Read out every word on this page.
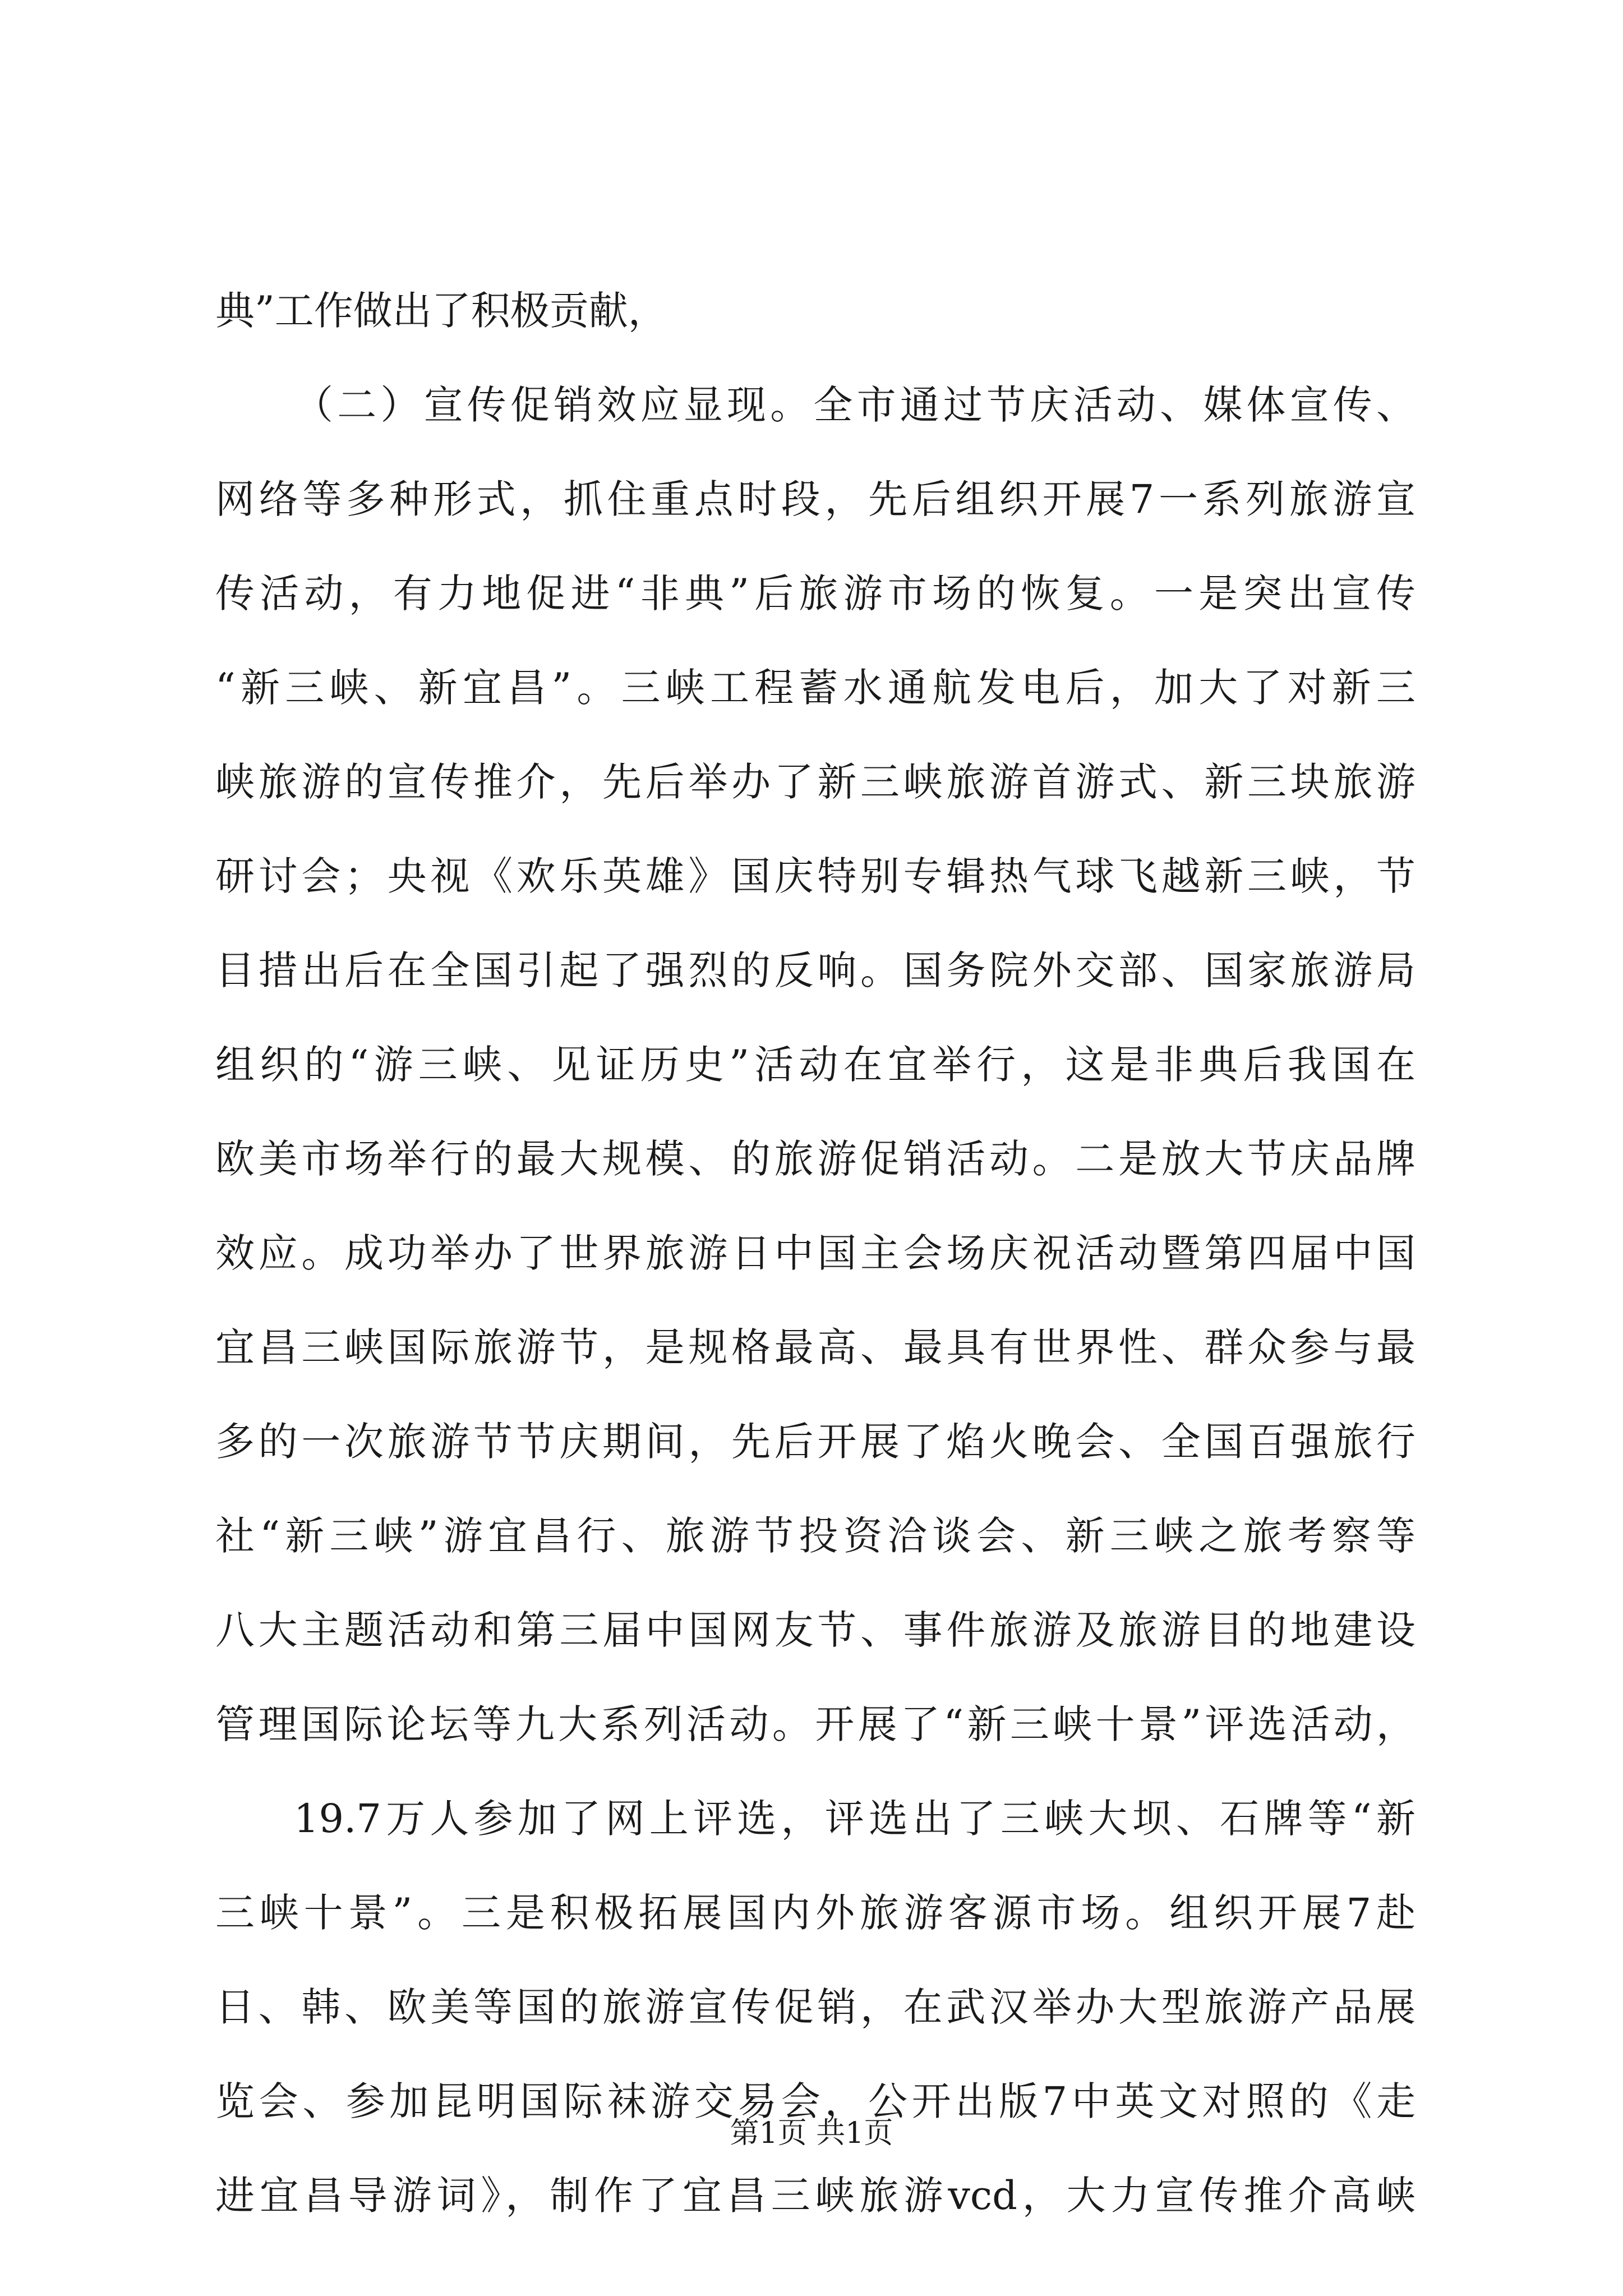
典”工作做出了积极贡献，
（二）宣传促销效应显现。全市通过节庆活动、媒体宣传、
网络等多种形式，抓住重点时段，先后组织开展7一系列旅游宣
传活动，有力地促进“非典”后旅游市场的恢复。一是突出宣传
“新三峡、新宜昌”。三峡工程蓄水通航发电后，加大了对新三
峡旅游的宣传推介，先后举办了新三峡旅游首游式、新三块旅游
研讨会；央视《欢乐英雄》国庆特别专辑热气球飞越新三峡，节
目措出后在全国引起了强烈的反响。国务院外交部、国家旅游局
组织的“游三峡、见证历史”活动在宜举行，这是非典后我国在
欧美市场举行的最大规模、的旅游促销活动。二是放大节庆品牌
效应。成功举办了世界旅游日中国主会场庆祝活动暨第四届中国
宜昌三峡国际旅游节，是规格最高、最具有世界性、群众参与最
多的一次旅游节节庆期间，先后开展了焰火晚会、全国百强旅行
社“新三峡”游宜昌行、旅游节投资洽谈会、新三峡之旅考察等
八大主题活动和第三届中国网友节、事件旅游及旅游目的地建设
管理国际论坛等九大系列活动。开展了“新三峡十景”评选活动，
19.7万人参加了网上评选，评选出了三峡大坝、石牌等“新
三峡十景”。三是积极拓展国内外旅游客源市场。组织开展7赴
日、韩、欧美等国的旅游宣传促销，在武汉举办大型旅游产品展
览会、参加昆明国际袜游交易会，公开出版7中英文对照的《走
进宜昌导游词》，制作了宜昌三峡旅游vcd，大力宣传推介高峡
第1页 共1页
